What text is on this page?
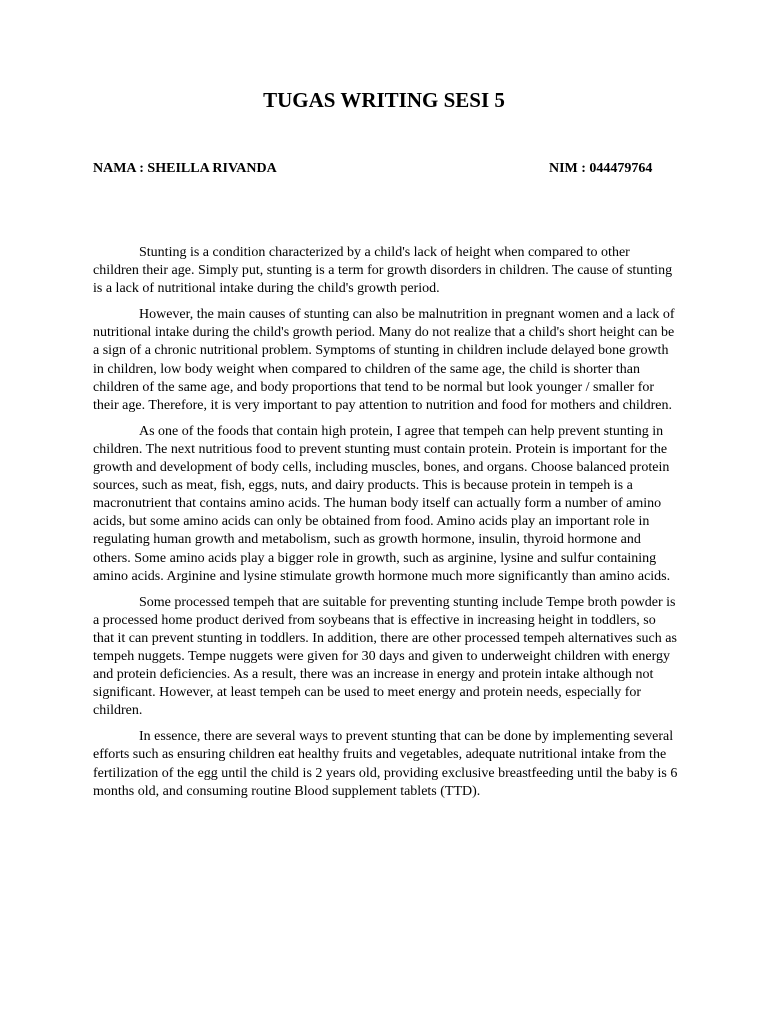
TUGAS WRITING SESI 5
NAMA : SHEILLA RIVANDA	NIM : 044479764

Stunting is a condition characterized by a child's lack of height when compared to other children their age. Simply put, stunting is a term for growth disorders in children. The cause of stunting is a lack of nutritional intake during the child's growth period.

However, the main causes of stunting can also be malnutrition in pregnant women and a lack of nutritional intake during the child's growth period. Many do not realize that a child's short height can be a sign of a chronic nutritional problem. Symptoms of stunting in children include delayed bone growth in children, low body weight when compared to children of the same age, the child is shorter than children of the same age, and body proportions that tend to be normal but look younger / smaller for their age. Therefore, it is very important to pay attention to nutrition and food for mothers and children.

As one of the foods that contain high protein, I agree that tempeh can help prevent stunting in children. The next nutritious food to prevent stunting must contain protein. Protein is important for the growth and development of body cells, including muscles, bones, and organs. Choose balanced protein sources, such as meat, fish, eggs, nuts, and dairy products. This is because protein in tempeh is a macronutrient that contains amino acids. The human body itself can actually form a number of amino acids, but some amino acids can only be obtained from food. Amino acids play an important role in regulating human growth and metabolism, such as growth hormone, insulin, thyroid hormone and others. Some amino acids play a bigger role in growth, such as arginine, lysine and sulfur containing amino acids. Arginine and lysine stimulate growth hormone much more significantly than amino acids.

Some processed tempeh that are suitable for preventing stunting include Tempe broth powder is a processed home product derived from soybeans that is effective in increasing height in toddlers, so that it can prevent stunting in toddlers. In addition, there are other processed tempeh alternatives such as tempeh nuggets. Tempe nuggets were given for 30 days and given to underweight children with energy and protein deficiencies. As a result, there was an increase in energy and protein intake although not significant. However, at least tempeh can be used to meet energy and protein needs, especially for children.

In essence, there are several ways to prevent stunting that can be done by implementing several efforts such as ensuring children eat healthy fruits and vegetables, adequate nutritional intake from the fertilization of the egg until the child is 2 years old, providing exclusive breastfeeding until the baby is 6 months old, and consuming routine Blood supplement tablets (TTD).
